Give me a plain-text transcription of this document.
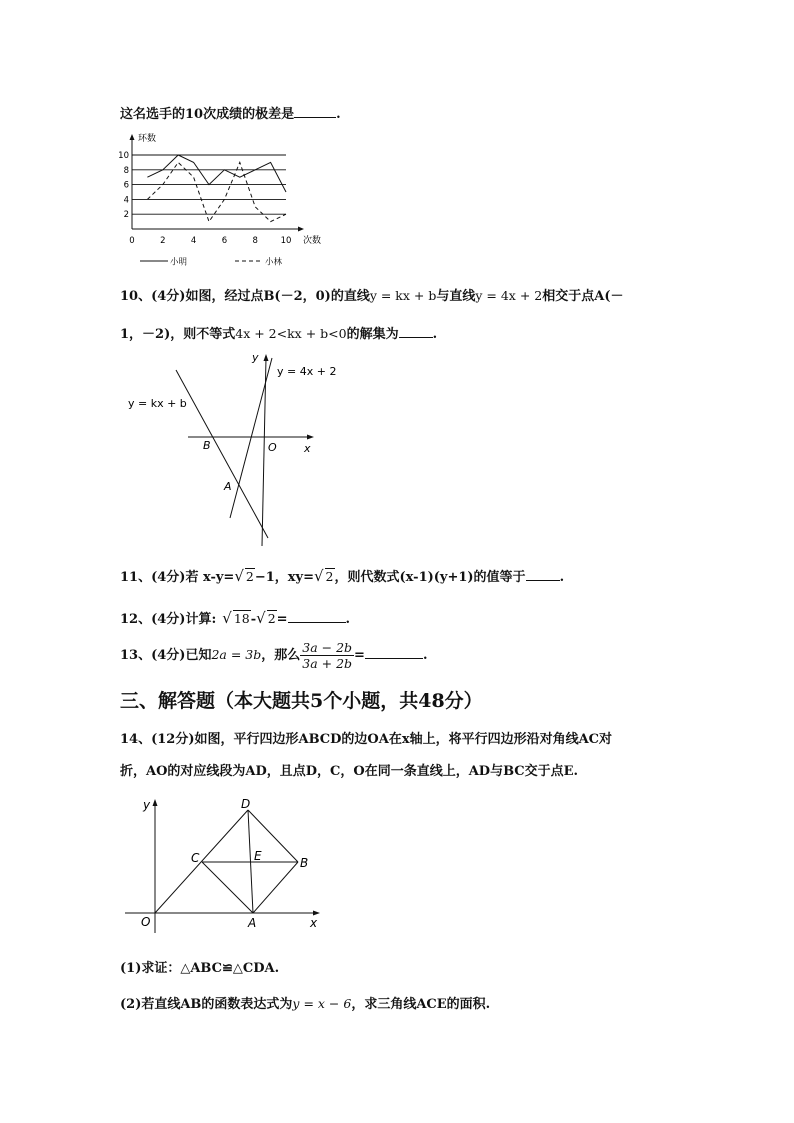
这名选手的10次成绩的极差是	.
2
4
6
8
10
0	2	4	6	8	10
环数
次数
小明	小林
10、(4分)如图，经过点B(－2，0)的直线y = kx + b与直线y = 4x + 2相交于点A(－
1，－2)，则不等式4x + 2<kx + b<0的解集为	.
y
x
O
B
A
y = kx + b
y = 4x + 2
11、(4分)若 x-y=√ 2−1，xy=√ 2，则代数式(x-1)(y+1)的值等于	.
12、(4分)计算: √ 18-√ 2=	.
13、(4分)已知2a = 3b，那么 $\frac{3a - 2b}{3a + 2b}$ =	.
三、解答题（本大题共5个小题，共48分）
14、(12分)如图，平行四边形ABCD的边OA在x轴上，将平行四边形沿对角线AC对
折，AO的对应线段为AD，且点D，C，O在同一条直线上，AD与BC交于点E.
y
x
O	A
B
C
D
E
(1)求证：△ABC≌△CDA.
(2)若直线AB的函数表达式为y = x − 6，求三角线ACE的面积.
